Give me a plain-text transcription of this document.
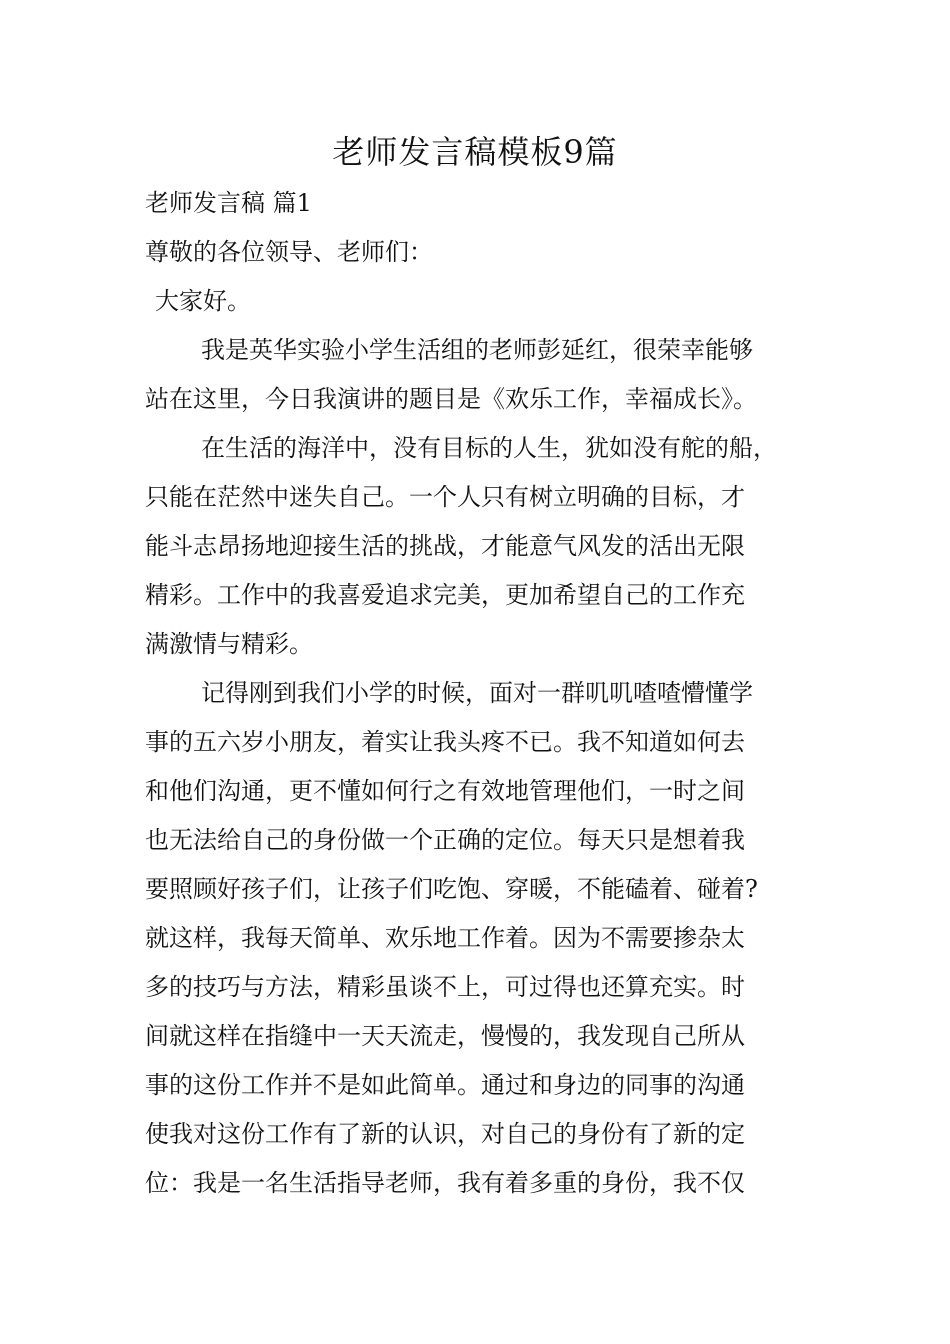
老师发言稿模板9篇

老师发言稿 篇1

尊敬的各位领导、老师们：

大家好。

我是英华实验小学生活组的老师彭延红，很荣幸能够

站在这里，今日我演讲的题目是《欢乐工作，幸福成长》。

在生活的海洋中，没有目标的人生，犹如没有舵的船，

只能在茫然中迷失自己。一个人只有树立明确的目标，才

能斗志昂扬地迎接生活的挑战，才能意气风发的活出无限

精彩。工作中的我喜爱追求完美，更加希望自己的工作充

满激情与精彩。

记得刚到我们小学的时候，面对一群叽叽喳喳懵懂学

事的五六岁小朋友，着实让我头疼不已。我不知道如何去

和他们沟通，更不懂如何行之有效地管理他们，一时之间

也无法给自己的身份做一个正确的定位。每天只是想着我

要照顾好孩子们，让孩子们吃饱、穿暖，不能磕着、碰着?

就这样，我每天简单、欢乐地工作着。因为不需要掺杂太

多的技巧与方法，精彩虽谈不上，可过得也还算充实。时

间就这样在指缝中一天天流走，慢慢的，我发现自己所从

事的这份工作并不是如此简单。通过和身边的同事的沟通

使我对这份工作有了新的认识，对自己的身份有了新的定

位：我是一名生活指导老师，我有着多重的身份，我不仅
